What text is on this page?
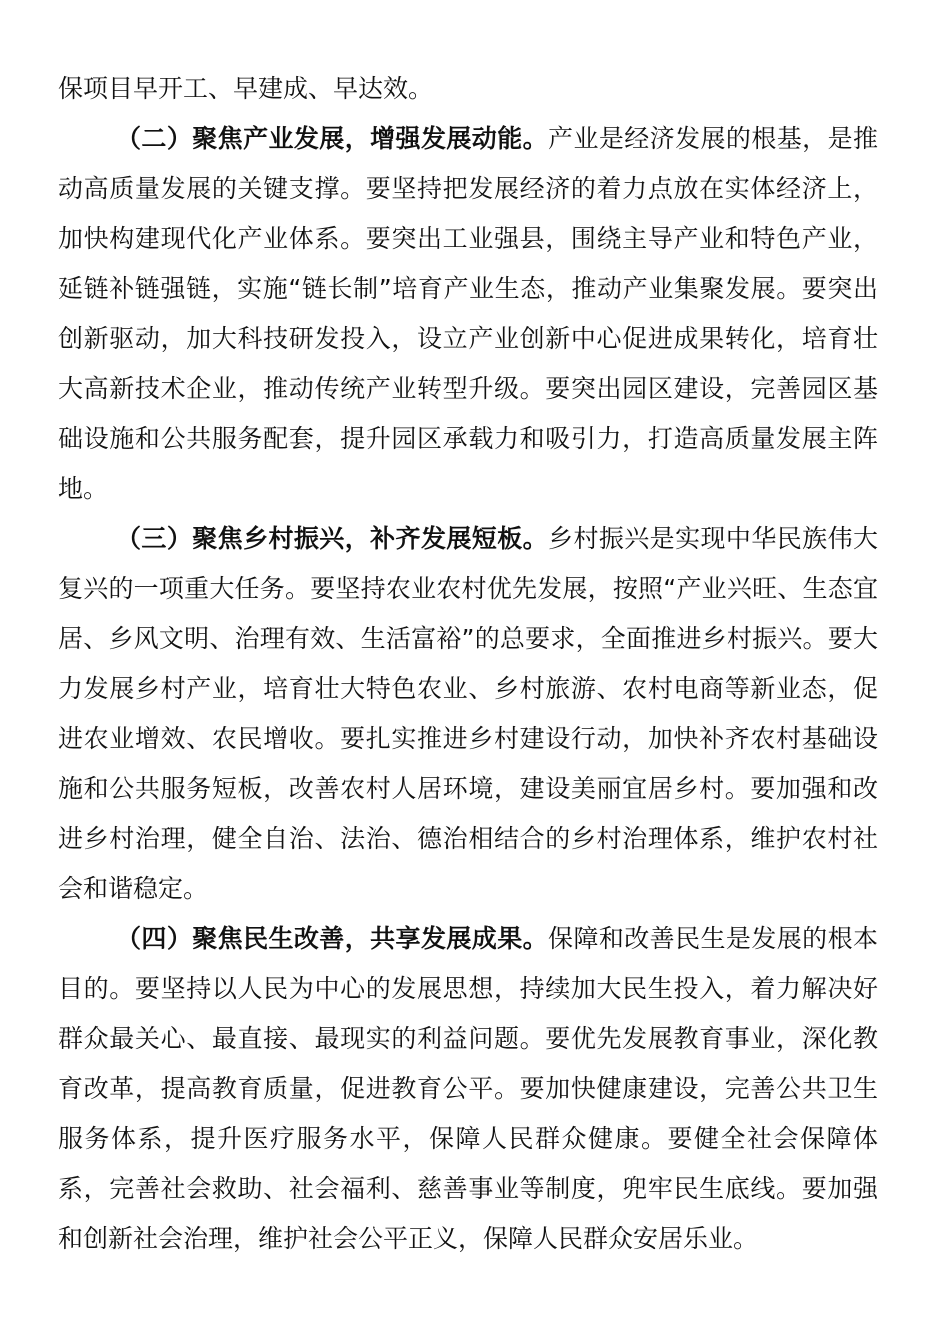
保项目早开工、早建成、早达效。

（二）聚焦产业发展，增强发展动能。产业是经济发展的根基，是推动高质量发展的关键支撑。要坚持把发展经济的着力点放在实体经济上，加快构建现代化产业体系。要突出工业强县，围绕主导产业和特色产业，延链补链强链，实施“链长制”培育产业生态，推动产业集聚发展。要突出创新驱动，加大科技研发投入，设立产业创新中心促进成果转化，培育壮大高新技术企业，推动传统产业转型升级。要突出园区建设，完善园区基础设施和公共服务配套，提升园区承载力和吸引力，打造高质量发展主阵地。

（三）聚焦乡村振兴，补齐发展短板。乡村振兴是实现中华民族伟大复兴的一项重大任务。要坚持农业农村优先发展，按照“产业兴旺、生态宜居、乡风文明、治理有效、生活富裕”的总要求，全面推进乡村振兴。要大力发展乡村产业，培育壮大特色农业、乡村旅游、农村电商等新业态，促进农业增效、农民增收。要扎实推进乡村建设行动，加快补齐农村基础设施和公共服务短板，改善农村人居环境，建设美丽宜居乡村。要加强和改进乡村治理，健全自治、法治、德治相结合的乡村治理体系，维护农村社会和谐稳定。

（四）聚焦民生改善，共享发展成果。保障和改善民生是发展的根本目的。要坚持以人民为中心的发展思想，持续加大民生投入，着力解决好群众最关心、最直接、最现实的利益问题。要优先发展教育事业，深化教育改革，提高教育质量，促进教育公平。要加快健康建设，完善公共卫生服务体系，提升医疗服务水平，保障人民群众健康。要健全社会保障体系，完善社会救助、社会福利、慈善事业等制度，兜牢民生底线。要加强和创新社会治理，维护社会公平正义，保障人民群众安居乐业。
